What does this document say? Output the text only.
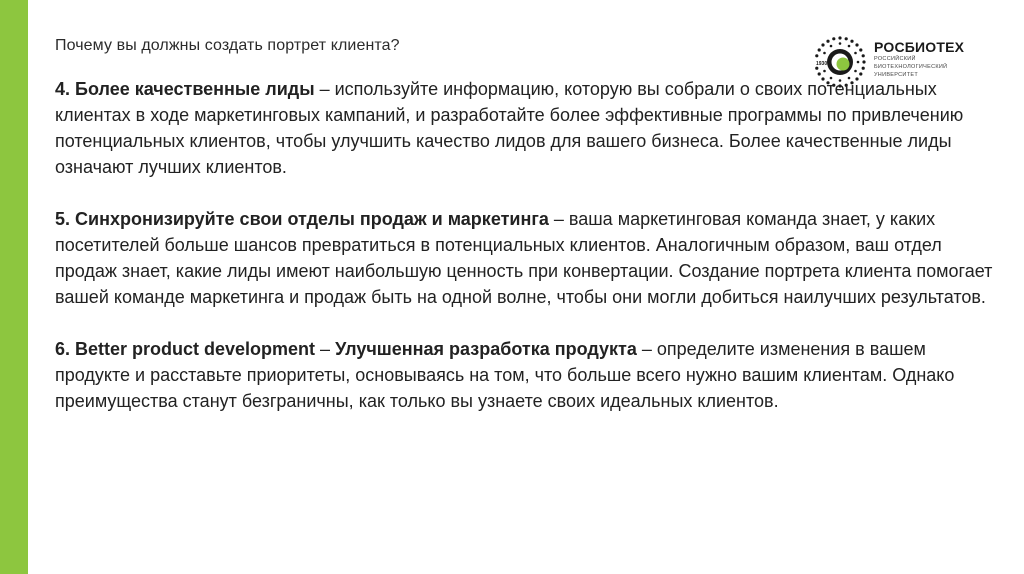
Почему вы должны создать портрет клиента?
1930
РОСБИОТЕХ
РОССИЙСКИЙ
БИОТЕХНОЛОГИЧЕСКИЙ
УНИВЕРСИТЕТ

4. Более качественные лиды – используйте информацию, которую вы собрали о своих потенциальных клиентах в ходе маркетинговых кампаний, и разработайте более эффективные программы по привлечению потенциальных клиентов, чтобы улучшить качество лидов для вашего бизнеса. Более качественные лиды означают лучших клиентов.

5. Синхронизируйте свои отделы продаж и маркетинга – ваша маркетинговая команда знает, у каких посетителей больше шансов превратиться в потенциальных клиентов. Аналогичным образом, ваш отдел продаж знает, какие лиды имеют наибольшую ценность при конвертации. Создание портрета клиента помогает вашей команде маркетинга и продаж быть на одной волне, чтобы они могли добиться наилучших результатов.

6. Better product development – Улучшенная разработка продукта – определите изменения в вашем продукте и расставьте приоритеты, основываясь на том, что больше всего нужно вашим клиентам. Однако преимущества станут безграничны, как только вы узнаете своих идеальных клиентов.
